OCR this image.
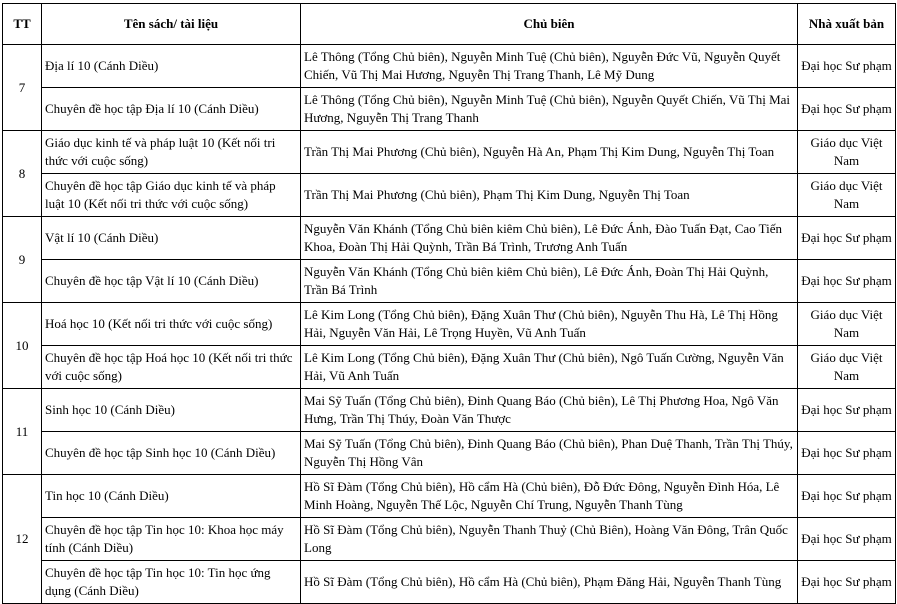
TT	Tên sách/ tài liệu	Chủ biên	Nhà xuất bản
7	Địa lí 10 (Cánh Diều)	Lê Thông (Tổng Chủ biên), Nguyễn Minh Tuệ (Chủ biên), Nguyễn Đức Vũ, Nguyễn Quyết Chiến, Vũ Thị Mai Hương, Nguyễn Thị Trang Thanh, Lê Mỹ Dung	Đại học Sư phạm
	Chuyên đề học tập Địa lí 10 (Cánh Diều)	Lê Thông (Tổng Chủ biên), Nguyễn Minh Tuệ (Chủ biên), Nguyễn Quyết Chiến, Vũ Thị Mai Hương, Nguyễn Thị Trang Thanh	Đại học Sư phạm
8	Giáo dục kinh tế và pháp luật 10 (Kết nối tri thức với cuộc sống)	Trần Thị Mai Phương (Chủ biên), Nguyễn Hà An, Phạm Thị Kim Dung, Nguyễn Thị Toan	Giáo dục Việt Nam
	Chuyên đề học tập Giáo dục kinh tế và pháp luật 10 (Kết nối tri thức với cuộc sống)	Trần Thị Mai Phương (Chủ biên), Phạm Thị Kim Dung, Nguyễn Thị Toan	Giáo dục Việt Nam
9	Vật lí 10 (Cánh Diều)	Nguyễn Văn Khánh (Tổng Chủ biên kiêm Chủ biên), Lê Đức Ánh, Đào Tuấn Đạt, Cao Tiến Khoa, Đoàn Thị Hải Quỳnh, Trần Bá Trình, Trương Anh Tuấn	Đại học Sư phạm
	Chuyên đề học tập Vật lí 10 (Cánh Diều)	Nguyễn Văn Khánh (Tổng Chủ biên kiêm Chủ biên), Lê Đức Ánh, Đoàn Thị Hải Quỳnh, Trần Bá Trình	Đại học Sư phạm
10	Hoá học 10 (Kết nối tri thức với cuộc sống)	Lê Kim Long (Tổng Chủ biên), Đặng Xuân Thư (Chủ biên), Nguyễn Thu Hà, Lê Thị Hồng Hải, Nguyễn Văn Hải, Lê Trọng Huyền, Vũ Anh Tuấn	Giáo dục Việt Nam
	Chuyên đề học tập Hoá học 10 (Kết nối tri thức với cuộc sống)	Lê Kim Long (Tổng Chủ biên), Đặng Xuân Thư (Chủ biên), Ngô Tuấn Cường, Nguyễn Văn Hải, Vũ Anh Tuấn	Giáo dục Việt Nam
11	Sinh học 10 (Cánh Diều)	Mai Sỹ Tuấn (Tổng Chủ biên), Đinh Quang Báo (Chủ biên), Lê Thị Phương Hoa, Ngô Văn Hưng, Trần Thị Thúy, Đoàn Văn Thược	Đại học Sư phạm
	Chuyên đề học tập Sinh học 10 (Cánh Diều)	Mai Sỹ Tuấn (Tổng Chủ biên), Đinh Quang Báo (Chủ biên), Phan Duệ Thanh, Trần Thị Thúy, Nguyễn Thị Hồng Vân	Đại học Sư phạm
12	Tin học 10 (Cánh Diều)	Hồ Sĩ Đàm (Tổng Chủ biên), Hồ cẩm Hà (Chủ biên), Đỗ Đức Đông, Nguyễn Đình Hóa, Lê Minh Hoàng, Nguyễn Thế Lộc, Nguyễn Chí Trung, Nguyễn Thanh Tùng	Đại học Sư phạm
	Chuyên đề học tập Tin học 10: Khoa học máy tính (Cánh Diều)	Hồ Sĩ Đàm (Tổng Chủ biên), Nguyễn Thanh Thuỷ (Chủ Biên), Hoàng Văn Đông, Trân Quốc Long	Đại học Sư phạm
	Chuyên đề học tập Tin học 10: Tin học ứng dụng (Cánh Diều)	Hồ Sĩ Đàm (Tổng Chủ biên), Hồ cẩm Hà (Chủ biên), Phạm Đăng Hải, Nguyễn Thanh Tùng	Đại học Sư phạm
